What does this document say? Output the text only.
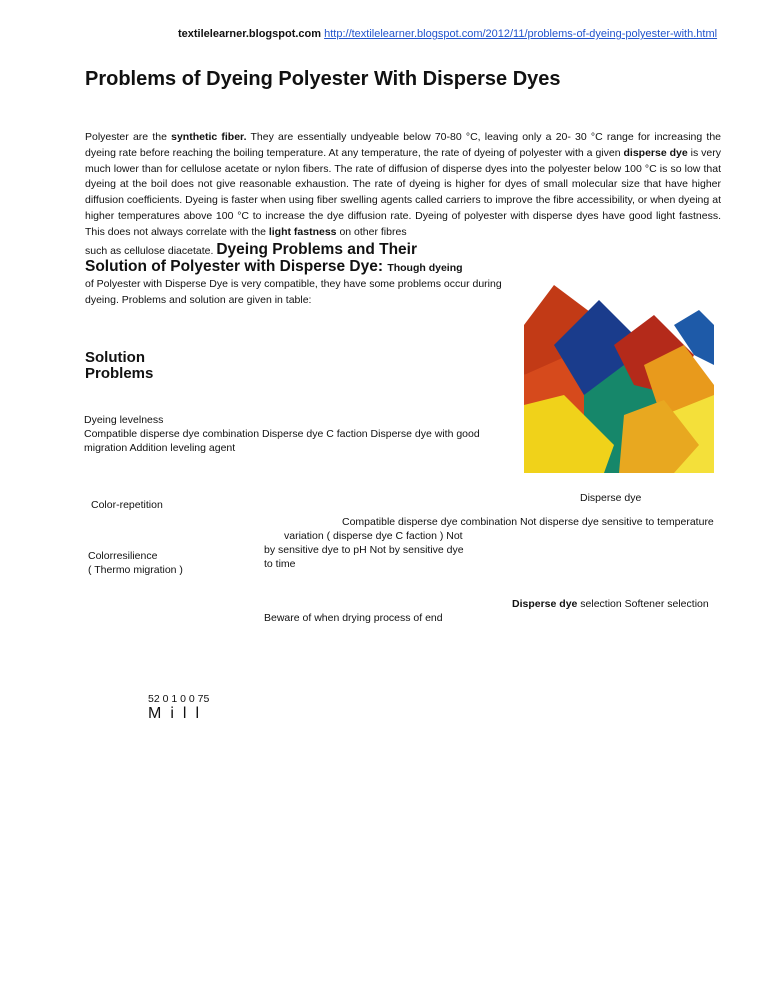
textilelearner.blogspot.com http://textilelearner.blogspot.com/2012/11/problems-of-dyeing-polyester-with.html
Problems of Dyeing Polyester With Disperse Dyes
Polyester are the synthetic fiber. They are essentially undyeable below 70-80 °C, leaving only a 20- 30 °C range for increasing the dyeing rate before reaching the boiling temperature. At any temperature, the rate of dyeing of polyester with a given disperse dye is very much lower than for cellulose acetate or nylon fibers. The rate of diffusion of disperse dyes into the polyester below 100 °C is so low that dyeing at the boil does not give reasonable exhaustion. The rate of dyeing is higher for dyes of small molecular size that have higher diffusion coefficients. Dyeing is faster when using fiber swelling agents called carriers to improve the fibre accessibility, or when dyeing at higher temperatures above 100 °C to increase the dye diffusion rate. Dyeing of polyester with disperse dyes have good light fastness. This does not always correlate with the light fastness on other fibres
such as cellulose diacetate. Dyeing Problems and Their
Solution of Polyester with Disperse Dye: Though dyeing
of Polyester with Disperse Dye is very compatible, they have some problems occur during dyeing. Problems and solution are given in table:
Solution
Problems
Dyeing levelness
Compatible disperse dye combination Disperse dye C faction Disperse dye with good migration Addition leveling agent
Color-repetition
Disperse dye
Compatible disperse dye combination Not disperse dye sensitive to temperature
variation ( disperse dye C faction ) Not
by sensitive dye to pH Not by sensitive dye
to time
Colorresilience
( Thermo migration )
Disperse dye selection Softener selection
Beware of when drying process of end
52 0 1 0 0 75
Mill
